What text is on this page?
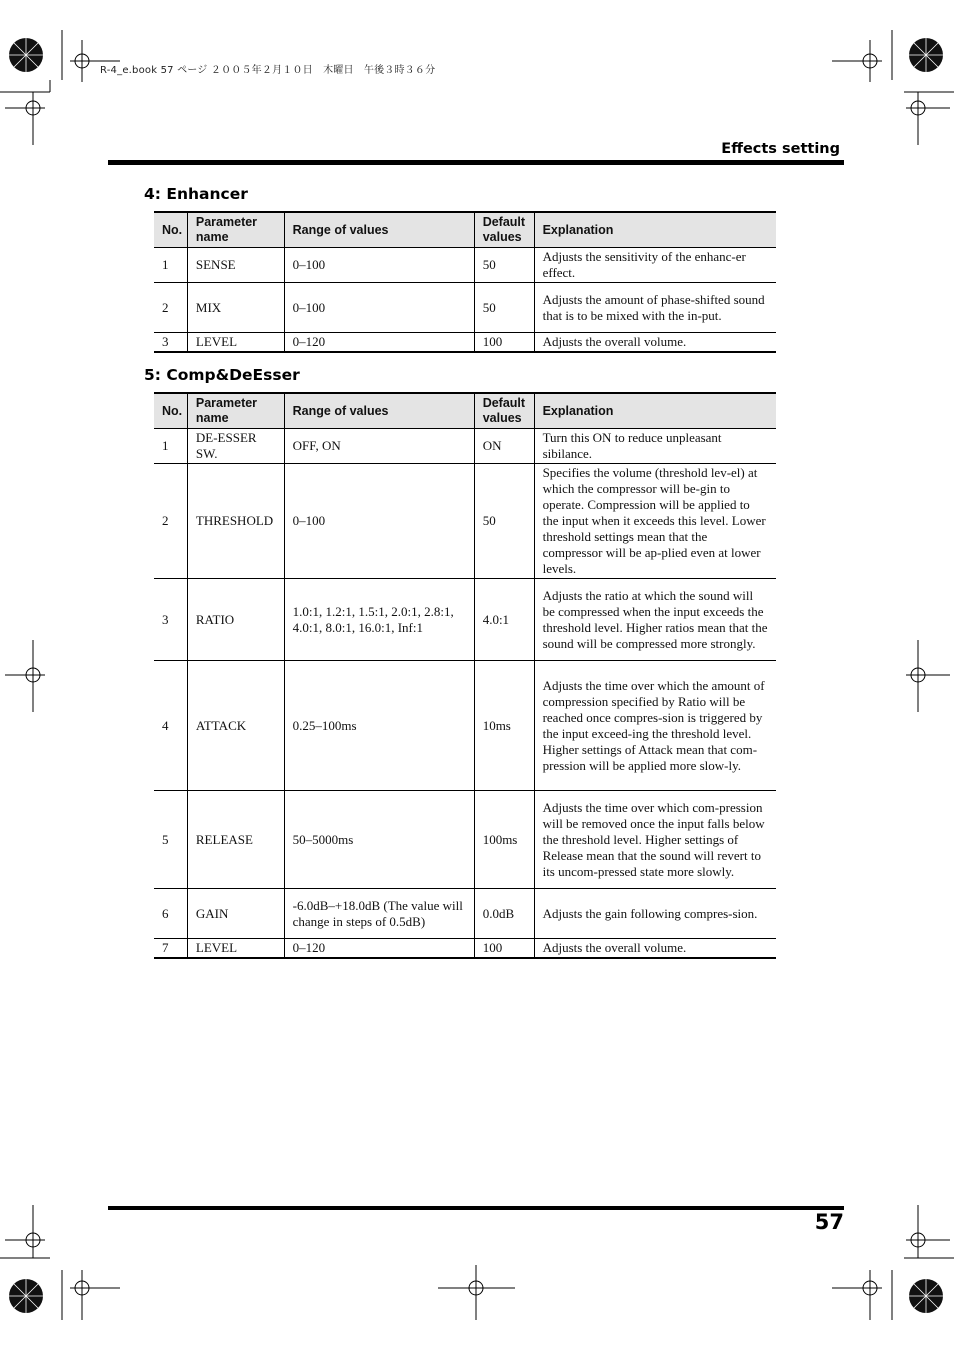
R-4_e.book 57 ページ ２００５年２月１０日　木曜日　午後３時３６分
Effects setting
4: Enhancer
No.	Parameter name	Range of values	Default values	Explanation
1	SENSE	0–100	50	Adjusts the sensitivity of the enhanc-er effect.
2	MIX	0–100	50	Adjusts the amount of phase-shifted sound that is to be mixed with the in-put.
3	LEVEL	0–120	100	Adjusts the overall volume.
5: Comp&DeEsser
No.	Parameter name	Range of values	Default values	Explanation
1	DE-ESSER SW.	OFF, ON	ON	Turn this ON to reduce unpleasant sibilance.
2	THRESHOLD	0–100	50	Specifies the volume (threshold lev-el) at which the compressor will be-gin to operate. Compression will be applied to the input when it exceeds this level. Lower threshold settings mean that the compressor will be ap-plied even at lower levels.
3	RATIO	1.0:1, 1.2:1, 1.5:1, 2.0:1, 2.8:1, 4.0:1, 8.0:1, 16.0:1, Inf:1	4.0:1	Adjusts the ratio at which the sound will be compressed when the input exceeds the threshold level. Higher ratios mean that the sound will be compressed more strongly.
4	ATTACK	0.25–100ms	10ms	Adjusts the time over which the amount of compression specified by Ratio will be reached once compres-sion is triggered by the input exceed-ing the threshold level. Higher settings of Attack mean that com-pression will be applied more slow-ly.
5	RELEASE	50–5000ms	100ms	Adjusts the time over which com-pression will be removed once the input falls below the threshold level. Higher settings of Release mean that the sound will revert to its uncom-pressed state more slowly.
6	GAIN	-6.0dB–+18.0dB (The value will change in steps of 0.5dB)	0.0dB	Adjusts the gain following compres-sion.
7	LEVEL	0–120	100	Adjusts the overall volume.
57
